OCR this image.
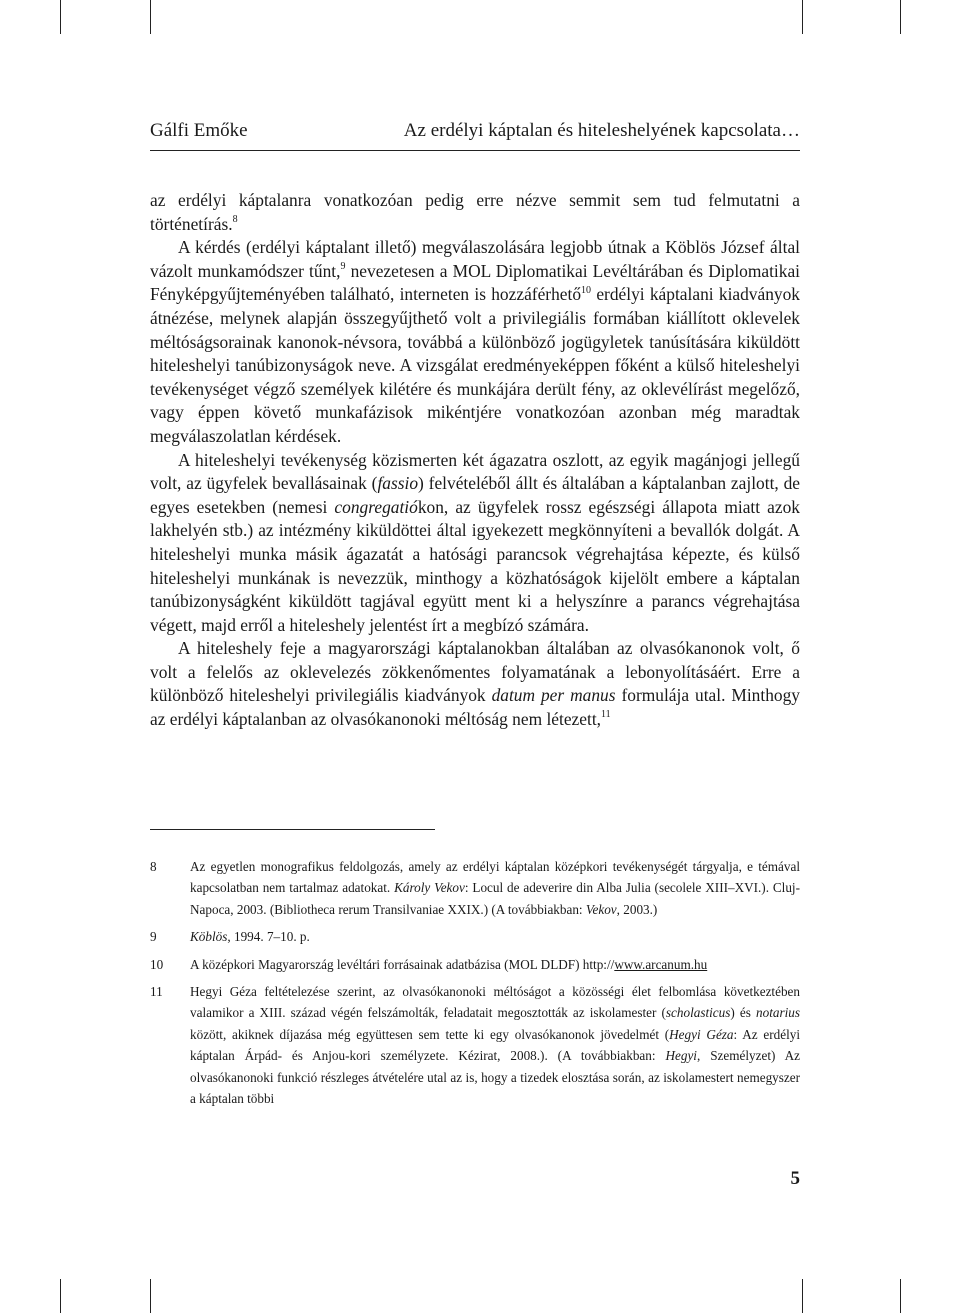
Gálfi Emőke	Az erdélyi káptalan és hiteleshelyének kapcsolata…

az erdélyi káptalanra vonatkozóan pedig erre nézve semmit sem tud felmutatni a történetírás.$^8$

A kérdés (erdélyi káptalant illető) megválaszolására legjobb útnak a Köblös József által vázolt munkamódszer tűnt,$^9$ nevezetesen a MOL Diplomatikai Levéltárában és Diplomatikai Fényképgyűjteményében található, interneten is hozzáférhető$^{10}$ erdélyi káptalani kiadványok átnézése, melynek alapján összegyűjthető volt a privilegiális formában kiállított oklevelek méltóságsorainak kanonok-névsora, továbbá a különböző jogügyletek tanúsítására kiküldött hiteleshelyi tanúbizonyságok neve. A vizsgálat eredményeképpen főként a külső hiteleshelyi tevékenységet végző személyek kilétére és munkájára derült fény, az oklevélírást megelőző, vagy éppen követő munkafázisok mikéntjére vonatkozóan azonban még maradtak megválaszolatlan kérdések.

A hiteleshelyi tevékenység közismerten két ágazatra oszlott, az egyik magánjogi jellegű volt, az ügyfelek bevallásainak (fassio) felvételéből állt és általában a káptalanban zajlott, de egyes esetekben (nemesi congregatiókon, az ügyfelek rossz egészségi állapota miatt azok lakhelyén stb.) az intézmény kiküldöttei által igyekezett megkönnyíteni a bevallók dolgát. A hiteleshelyi munka másik ágazatát a hatósági parancsok végrehajtása képezte, és külső hiteleshelyi munkának is nevezzük, minthogy a közhatóságok kijelölt embere a káptalan tanúbizonyságként kiküldött tagjával együtt ment ki a helyszínre a parancs végrehajtása végett, majd erről a hiteleshely jelentést írt a megbízó számára.

A hiteleshely feje a magyarországi káptalanokban általában az olvasókanonok volt, ő volt a felelős az oklevelezés zökkenőmentes folyamatának a lebonyolításáért. Erre a különböző hiteleshelyi privilegiális kiadványok datum per manus formulája utal. Minthogy az erdélyi káptalanban az olvasókanonoki méltóság nem létezett,$^{11}$

8	Az egyetlen monografikus feldolgozás, amely az erdélyi káptalan középkori tevékenységét tárgyalja, e témával kapcsolatban nem tartalmaz adatokat. Károly Vekov: Locul de adeverire din Alba Julia (secolele XIII–XVI.). Cluj-Napoca, 2003. (Bibliotheca rerum Transilvaniae XXIX.) (A továbbiakban: Vekov, 2003.)
9	Köblös, 1994. 7–10. p.
10	A középkori Magyarország levéltári forrásainak adatbázisa (MOL DLDF) http://www.arcanum.hu
11	Hegyi Géza feltételezése szerint, az olvasókanonoki méltóságot a közösségi élet felbomlása következtében valamikor a XIII. század végén felszámolták, feladatait megosztották az iskolamester (scholasticus) és notarius között, akiknek díjazása még együttesen sem tette ki egy olvasókanonok jövedelmét (Hegyi Géza: Az erdélyi káptalan Árpád- és Anjou-kori személyzete. Kézirat, 2008.). (A továbbiakban: Hegyi, Személyzet) Az olvasókanonoki funkció részleges átvételére utal az is, hogy a tizedek elosztása során, az iskolamestert nemegyszer a káptalan többi
5
